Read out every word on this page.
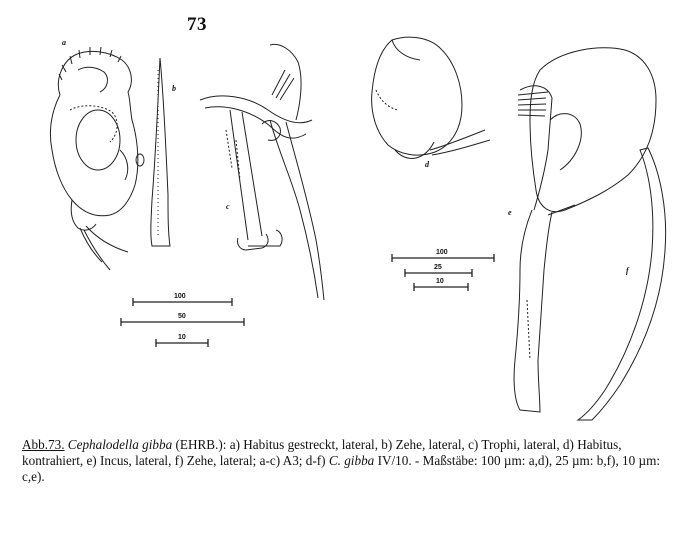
73
a
b
c
d
e
f
100
50
10
100
25
10
Abb.73. Cephalodella gibba (EHRB.): a) Habitus gestreckt, lateral, b) Zehe, lateral, c) Trophi, lateral, d) Habitus, kontrahiert, e) Incus, lateral, f) Zehe, lateral; a-c) A3; d-f) C. gibba IV/10. - Maßstäbe: 100 µm: a,d), 25 µm: b,f), 10 µm: c,e).
